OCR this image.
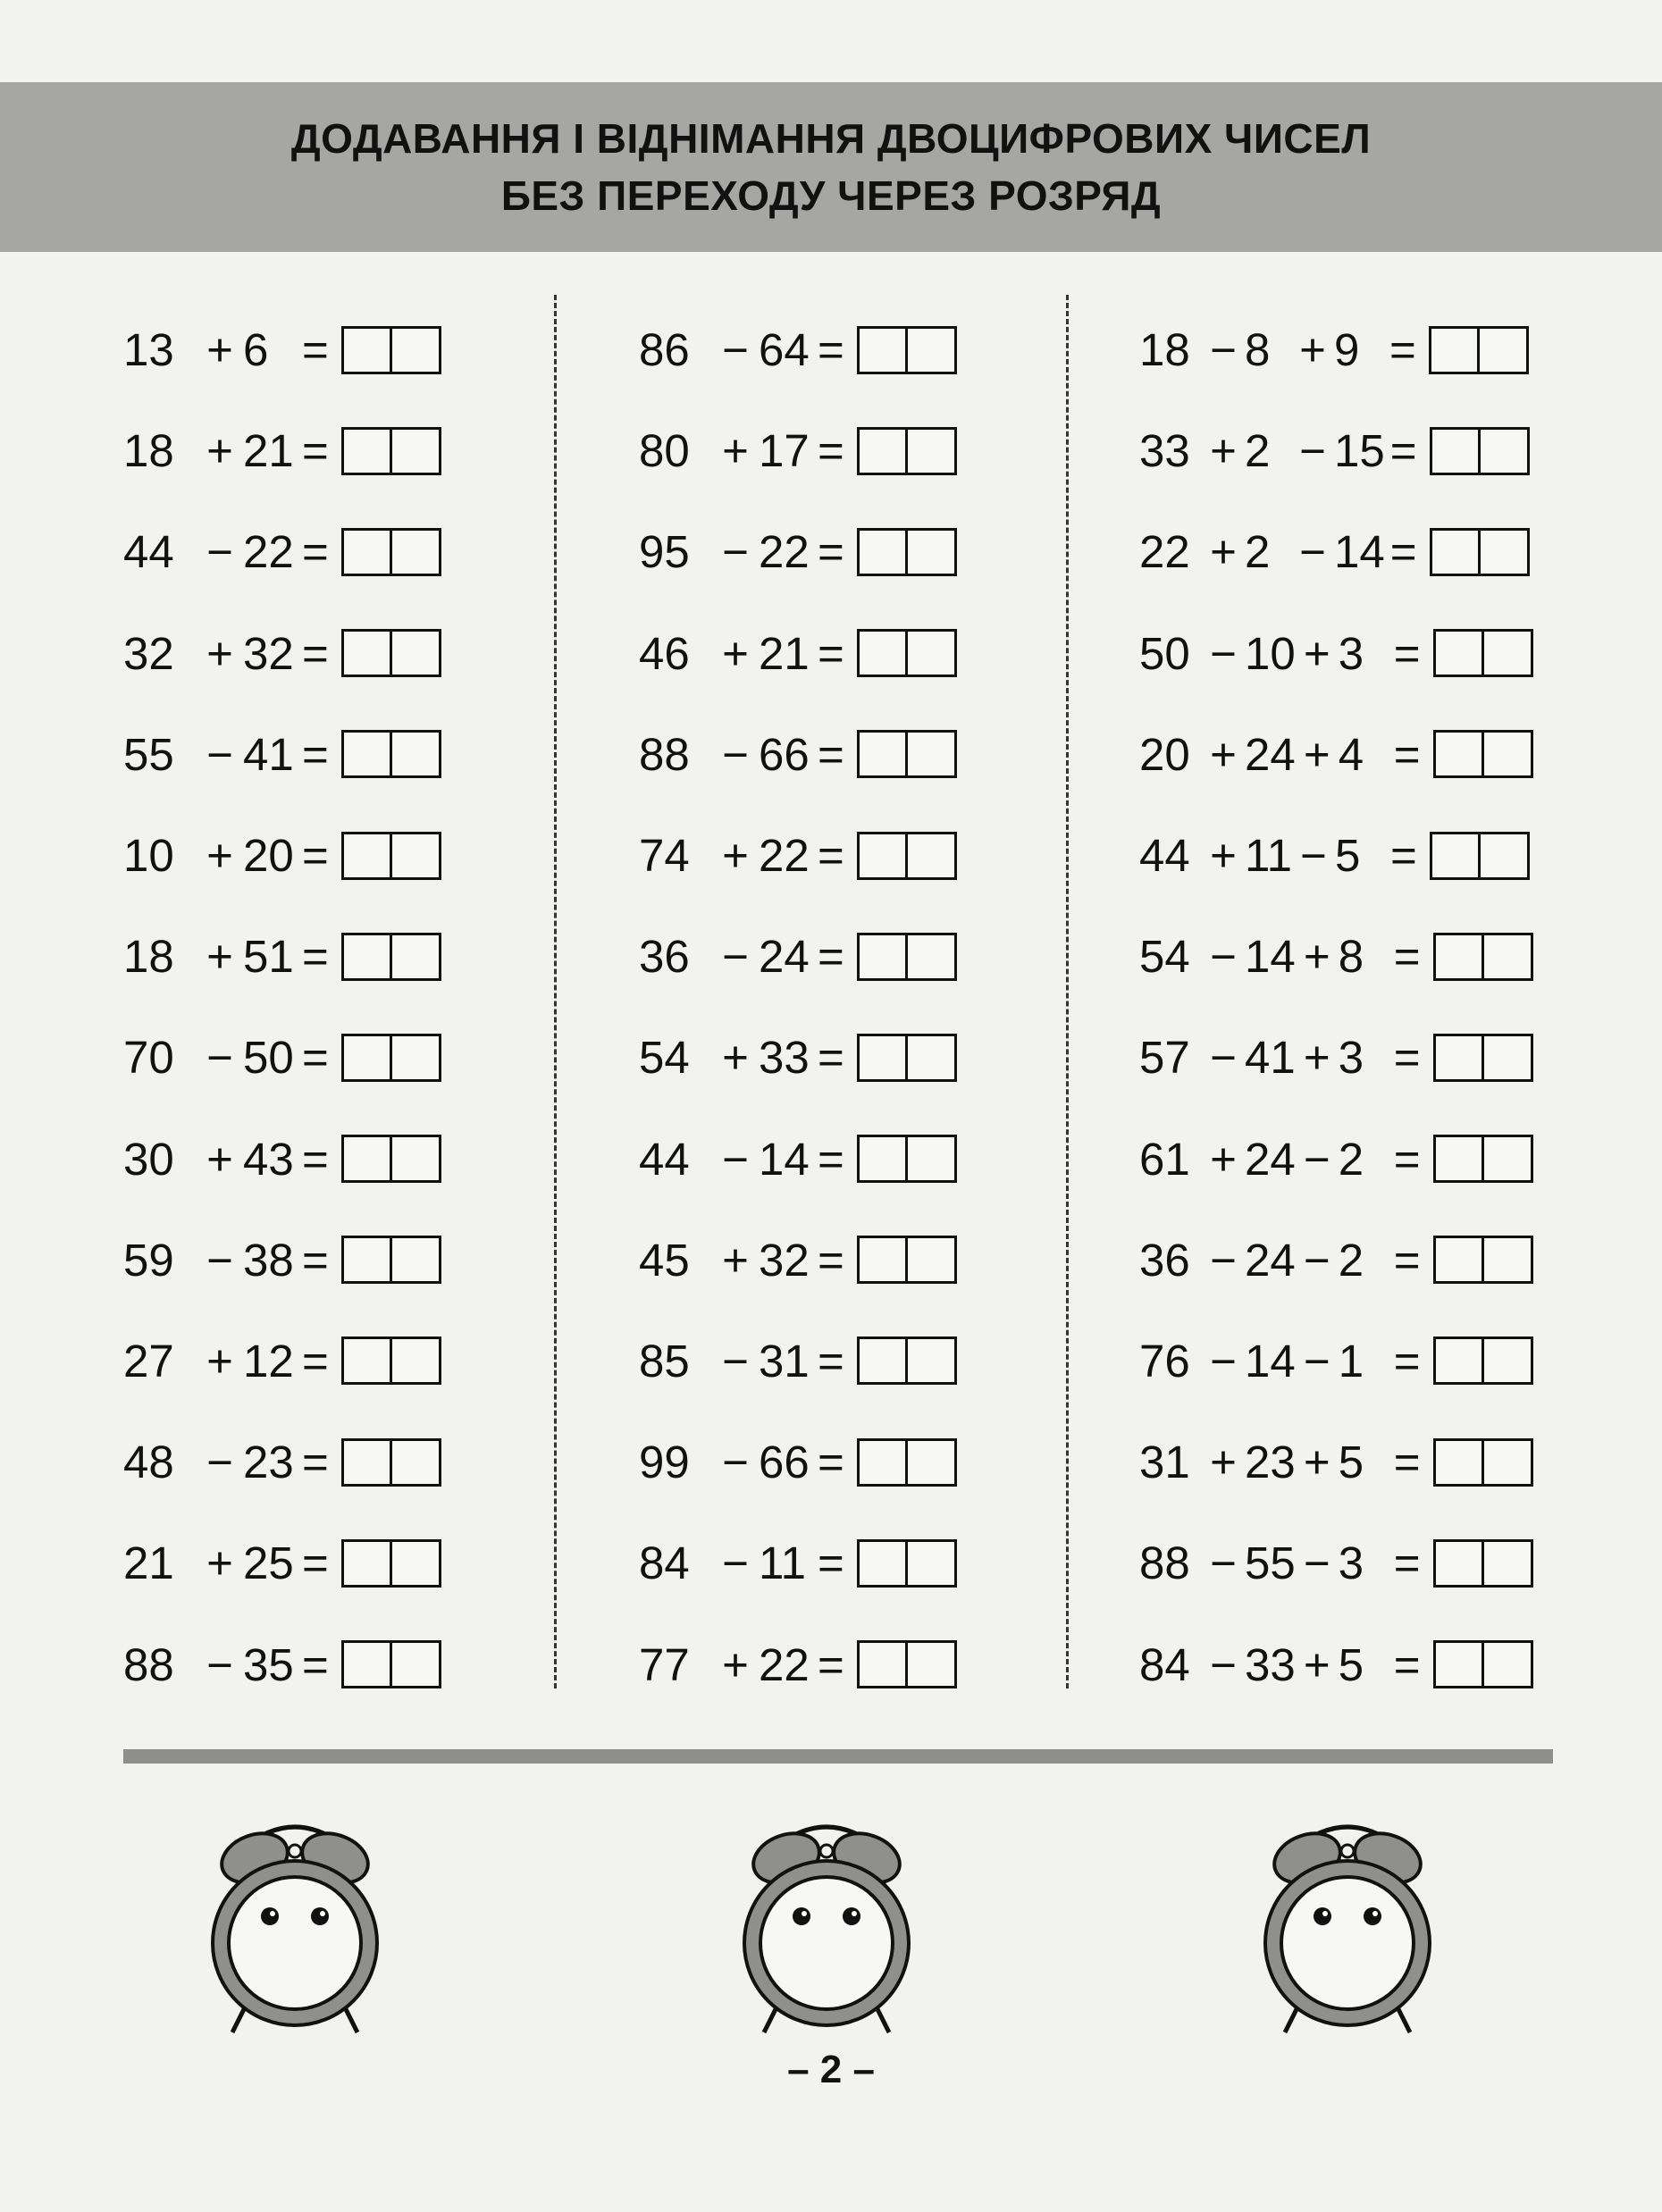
ДОДАВАННЯ І ВІДНІМАННЯ ДВОЦИФРОВИХ ЧИСЕЛ
БЕЗ ПЕРЕХОДУ ЧЕРЕЗ РОЗРЯД
13 + 6 =
18 + 21 =
44 − 22 =
32 + 32 =
55 − 41 =
10 + 20 =
18 + 51 =
70 − 50 =
30 + 43 =
59 − 38 =
27 + 12 =
48 − 23 =
21 + 25 =
88 − 35 =
86 − 64 =
80 + 17 =
95 − 22 =
46 + 21 =
88 − 66 =
74 + 22 =
36 − 24 =
54 + 33 =
44 − 14 =
45 + 32 =
85 − 31 =
99 − 66 =
84 − 11 =
77 + 22 =
18 − 8 + 9 =
33 + 2 − 15 =
22 + 2 − 14 =
50 − 10 + 3 =
20 + 24 + 4 =
44 + 11 − 5 =
54 − 14 + 8 =
57 − 41 + 3 =
61 + 24 − 2 =
36 − 24 − 2 =
76 − 14 − 1 =
31 + 23 + 5 =
88 − 55 − 3 =
84 − 33 + 5 =
– 2 –
